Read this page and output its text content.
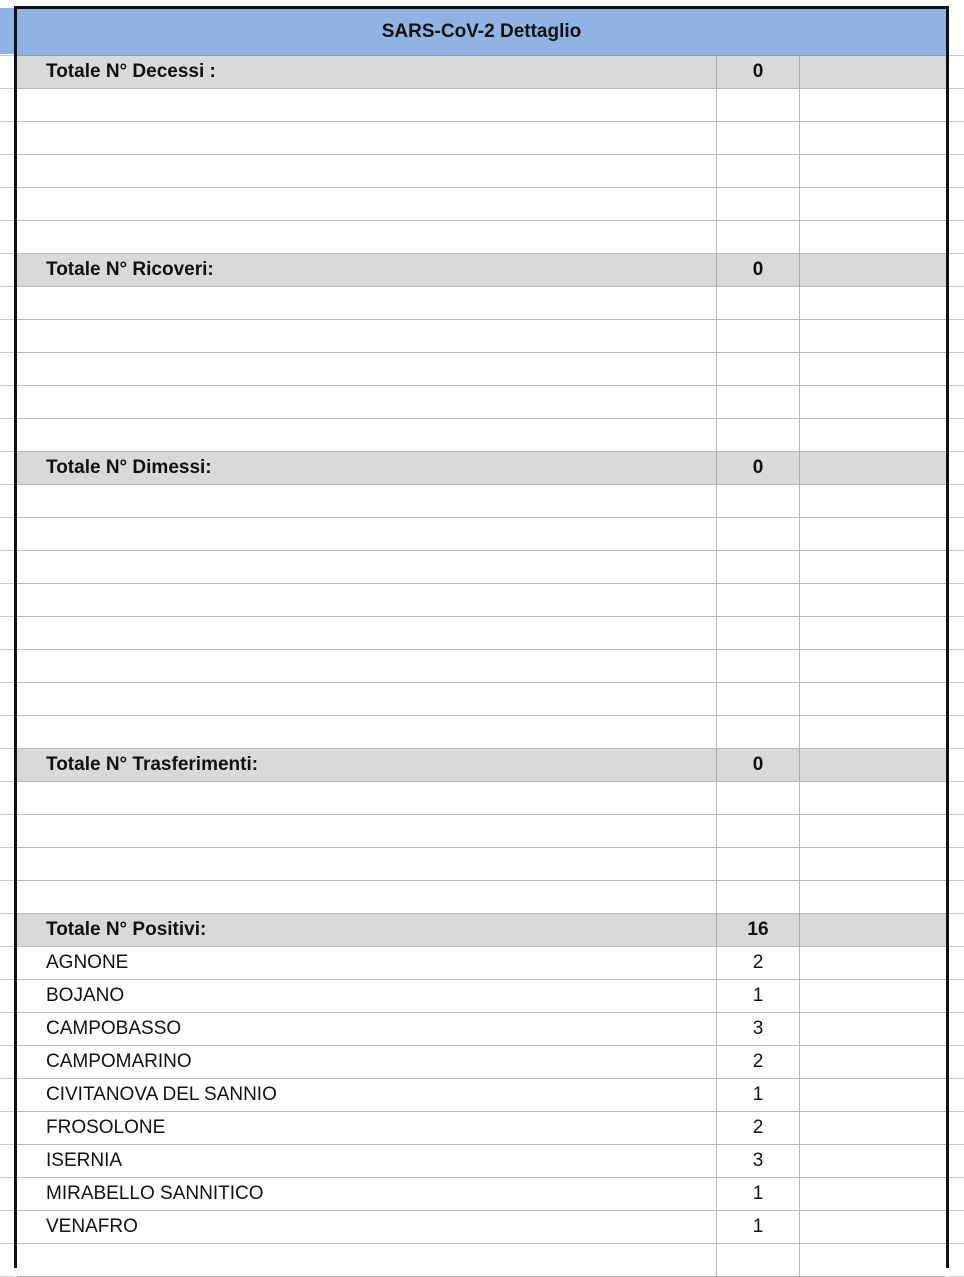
SARS-CoV-2 Dettaglio
Totale N° Decessi :	0
Totale N° Ricoveri:	0
Totale N° Dimessi:	0
Totale N° Trasferimenti:	0
Totale N° Positivi:	16
AGNONE	2
BOJANO	1
CAMPOBASSO	3
CAMPOMARINO	2
CIVITANOVA DEL SANNIO	1
FROSOLONE	2
ISERNIA	3
MIRABELLO SANNITICO	1
VENAFRO	1
